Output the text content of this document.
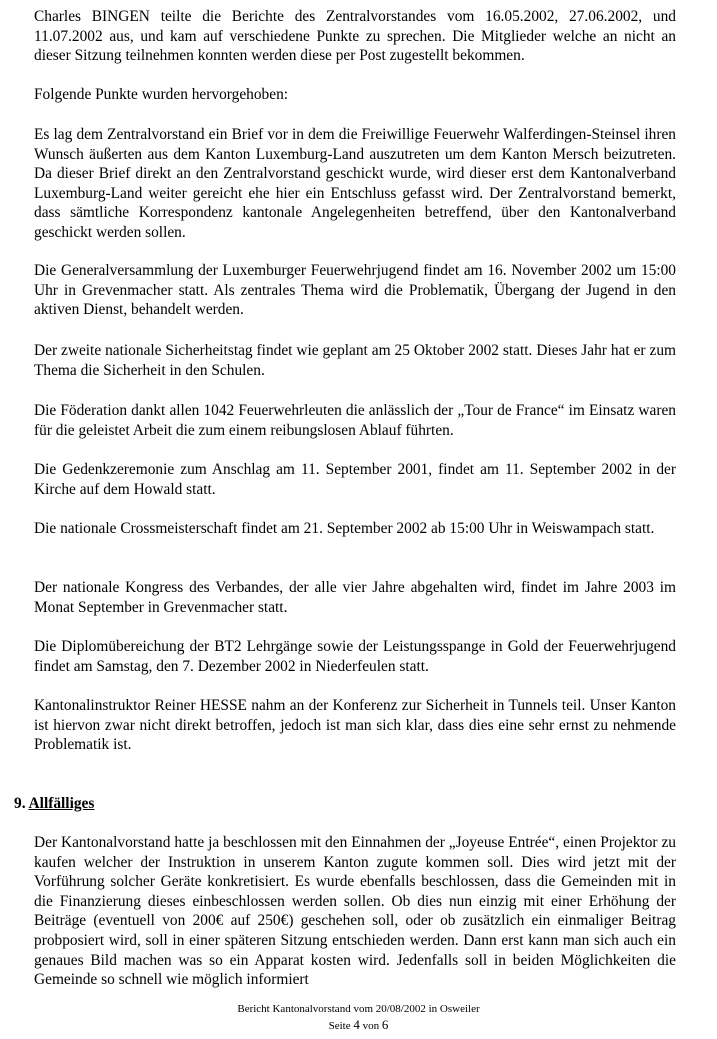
Charles BINGEN teilte die Berichte des Zentralvorstandes vom 16.05.2002, 27.06.2002, und 11.07.2002 aus, und kam auf verschiedene Punkte zu sprechen. Die Mitglieder welche an nicht an dieser Sitzung teilnehmen konnten werden diese per Post zugestellt bekommen.

Folgende Punkte wurden hervorgehoben:

Es lag dem Zentralvorstand ein Brief vor in dem die Freiwillige Feuerwehr Walferdingen-Steinsel ihren Wunsch äußerten aus dem Kanton Luxemburg-Land auszutreten um dem Kanton Mersch beizutreten. Da dieser Brief direkt an den Zentralvorstand geschickt wurde, wird dieser erst dem Kantonalverband Luxemburg-Land weiter gereicht ehe hier ein Entschluss gefasst wird. Der Zentralvorstand bemerkt, dass sämtliche Korrespondenz kantonale Angelegenheiten betreffend, über den Kantonalverband geschickt werden sollen.

Die Generalversammlung der Luxemburger Feuerwehrjugend findet am 16. November 2002 um 15:00 Uhr in Grevenmacher statt. Als zentrales Thema wird die Problematik, Übergang der Jugend in den aktiven Dienst, behandelt werden.

Der zweite nationale Sicherheitstag findet wie geplant am 25 Oktober 2002 statt. Dieses Jahr hat er zum Thema die Sicherheit in den Schulen.

Die Föderation dankt allen 1042 Feuerwehrleuten die anlässlich der „Tour de France“ im Einsatz waren für die geleistet Arbeit die zum einem reibungslosen Ablauf führten.

Die Gedenkzeremonie zum Anschlag am 11. September 2001, findet am 11. September 2002 in der Kirche auf dem Howald statt.

Die nationale Crossmeisterschaft findet am 21. September 2002 ab 15:00 Uhr in Weiswampach statt.

Der nationale Kongress des Verbandes, der alle vier Jahre abgehalten wird, findet im Jahre 2003 im Monat September in Grevenmacher statt.

Die Diplomübereichung der BT2 Lehrgänge sowie der Leistungsspange in Gold der Feuerwehrjugend findet am Samstag, den 7. Dezember 2002 in Niederfeulen statt.

Kantonalinstruktor Reiner HESSE nahm an der Konferenz zur Sicherheit in Tunnels teil. Unser Kanton ist hiervon zwar nicht direkt betroffen, jedoch ist man sich klar, dass dies eine sehr ernst zu nehmende Problematik ist.

9. Allfälliges

Der Kantonalvorstand hatte ja beschlossen mit den Einnahmen der „Joyeuse Entrée“, einen Projektor zu kaufen welcher der Instruktion in unserem Kanton zugute kommen soll. Dies wird jetzt mit der Vorführung solcher Geräte konkretisiert. Es wurde ebenfalls beschlossen, dass die Gemeinden mit in die Finanzierung dieses einbeschlossen werden sollen. Ob dies nun einzig mit einer Erhöhung der Beiträge (eventuell von 200€ auf 250€) geschehen soll, oder ob zusätzlich ein einmaliger Beitrag probposiert wird, soll in einer späteren Sitzung entschieden werden. Dann erst kann man sich auch ein genaues Bild machen was so ein Apparat kosten wird. Jedenfalls soll in beiden Möglichkeiten die Gemeinde so schnell wie möglich informiert

Bericht Kantonalvorstand vom 20/08/2002 in Osweiler
Seite 4 von 6
